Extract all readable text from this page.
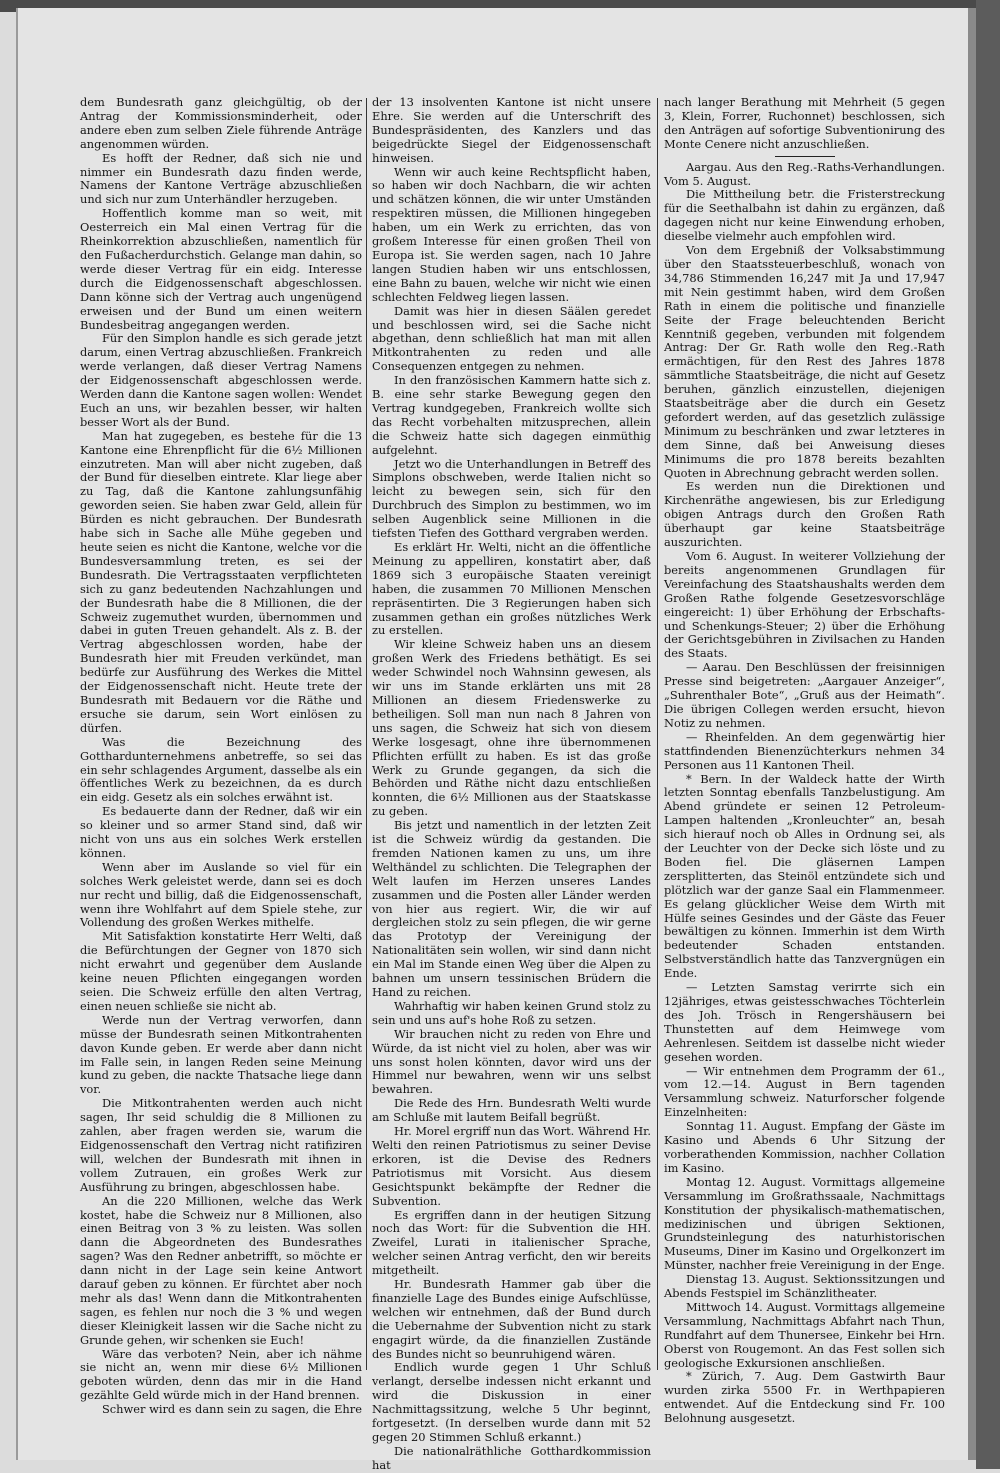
dem Bundesrath ganz gleichgültig, ob der Antrag der Kommissionsminderheit, oder andere eben zum selben Ziele führende Anträge angenommen würden.

Es hofft der Redner, daß sich nie und nimmer ein Bundesrath dazu finden werde, Namens der Kantone Verträge abzuschließen und sich nur zum Unterhändler herzugeben.

Hoffentlich komme man so weit, mit Oesterreich ein Mal einen Vertrag für die Rheinkorrektion abzuschließen, namentlich für den Fußacherdurchstich. Gelange man dahin, so werde dieser Vertrag für ein eidg. Interesse durch die Eidgenossenschaft abgeschlossen. Dann könne sich der Vertrag auch ungenügend erweisen und der Bund um einen weitern Bundesbeitrag angegangen werden.

Für den Simplon handle es sich gerade jetzt darum, einen Vertrag abzuschließen. Frankreich werde verlangen, daß dieser Vertrag Namens der Eidgenossenschaft abgeschlossen werde. Werden dann die Kantone sagen wollen: Wendet Euch an uns, wir bezahlen besser, wir halten besser Wort als der Bund.

Man hat zugegeben, es bestehe für die 13 Kantone eine Ehrenpflicht für die 6½ Millionen einzutreten. Man will aber nicht zugeben, daß der Bund für dieselben eintrete. Klar liege aber zu Tag, daß die Kantone zahlungsunfähig geworden seien. Sie haben zwar Geld, allein für Bürden es nicht gebrauchen. Der Bundesrath habe sich in Sache alle Mühe gegeben und heute seien es nicht die Kantone, welche vor die Bundesversammlung treten, es sei der Bundesrath. Die Vertragsstaaten verpflichteten sich zu ganz bedeutenden Nachzahlungen und der Bundesrath habe die 8 Millionen, die der Schweiz zugemuthet wurden, übernommen und dabei in guten Treuen gehandelt. Als z. B. der Vertrag abgeschlossen worden, habe der Bundesrath hier mit Freuden verkündet, man bedürfe zur Ausführung des Werkes die Mittel der Eidgenossenschaft nicht. Heute trete der Bundesrath mit Bedauern vor die Räthe und ersuche sie darum, sein Wort einlösen zu dürfen.

Was die Bezeichnung des Gotthardunternehmens anbetreffe, so sei das ein sehr schlagendes Argument, dasselbe als ein öffentliches Werk zu bezeichnen, da es durch ein eidg. Gesetz als ein solches erwähnt ist.

Es bedauerte dann der Redner, daß wir ein so kleiner und so armer Stand sind, daß wir nicht von uns aus ein solches Werk erstellen können.

Wenn aber im Auslande so viel für ein solches Werk geleistet werde, dann sei es doch nur recht und billig, daß die Eidgenossenschaft, wenn ihre Wohlfahrt auf dem Spiele stehe, zur Vollendung des großen Werkes mithelfe.

Mit Satisfaktion konstatirte Herr Welti, daß die Befürchtungen der Gegner von 1870 sich nicht erwahrt und gegenüber dem Auslande keine neuen Pflichten eingegangen worden seien. Die Schweiz erfülle den alten Vertrag, einen neuen schließe sie nicht ab.

Werde nun der Vertrag verworfen, dann müsse der Bundesrath seinen Mitkontrahenten davon Kunde geben. Er werde aber dann nicht im Falle sein, in langen Reden seine Meinung kund zu geben, die nackte Thatsache liege dann vor.

Die Mitkontrahenten werden auch nicht sagen, Ihr seid schuldig die 8 Millionen zu zahlen, aber fragen werden sie, warum die Eidgenossenschaft den Vertrag nicht ratifiziren will, welchen der Bundesrath mit ihnen in vollem Zutrauen, ein großes Werk zur Ausführung zu bringen, abgeschlossen habe.

An die 220 Millionen, welche das Werk kostet, habe die Schweiz nur 8 Millionen, also einen Beitrag von 3 % zu leisten. Was sollen dann die Abgeordneten des Bundesrathes sagen? Was den Redner anbetrifft, so möchte er dann nicht in der Lage sein keine Antwort darauf geben zu können. Er fürchtet aber noch mehr als das! Wenn dann die Mitkontrahenten sagen, es fehlen nur noch die 3 % und wegen dieser Kleinigkeit lassen wir die Sache nicht zu Grunde gehen, wir schenken sie Euch!

Wäre das verboten? Nein, aber ich nähme sie nicht an, wenn mir diese 6½ Millionen geboten würden, denn das mir in die Hand gezählte Geld würde mich in der Hand brennen.

Schwer wird es dann sein zu sagen, die Ehre

der 13 insolventen Kantone ist nicht unsere Ehre. Sie werden auf die Unterschrift des Bundespräsidenten, des Kanzlers und das beigedrückte Siegel der Eidgenossenschaft hinweisen.

Wenn wir auch keine Rechtspflicht haben, so haben wir doch Nachbarn, die wir achten und schätzen können, die wir unter Umständen respektiren müssen, die Millionen hingegeben haben, um ein Werk zu errichten, das von großem Interesse für einen großen Theil von Europa ist. Sie werden sagen, nach 10 Jahre langen Studien haben wir uns entschlossen, eine Bahn zu bauen, welche wir nicht wie einen schlechten Feldweg liegen lassen.

Damit was hier in diesen Säälen geredet und beschlossen wird, sei die Sache nicht abgethan, denn schließlich hat man mit allen Mitkontrahenten zu reden und alle Consequenzen entgegen zu nehmen.

In den französischen Kammern hatte sich z. B. eine sehr starke Bewegung gegen den Vertrag kundgegeben, Frankreich wollte sich das Recht vorbehalten mitzusprechen, allein die Schweiz hatte sich dagegen einmüthig aufgelehnt.

Jetzt wo die Unterhandlungen in Betreff des Simplons obschweben, werde Italien nicht so leicht zu bewegen sein, sich für den Durchbruch des Simplon zu bestimmen, wo im selben Augenblick seine Millionen in die tiefsten Tiefen des Gotthard vergraben werden.

Es erklärt Hr. Welti, nicht an die öffentliche Meinung zu appelliren, konstatirt aber, daß 1869 sich 3 europäische Staaten vereinigt haben, die zusammen 70 Millionen Menschen repräsentirten. Die 3 Regierungen haben sich zusammen gethan ein großes nützliches Werk zu erstellen.

Wir kleine Schweiz haben uns an diesem großen Werk des Friedens bethätigt. Es sei weder Schwindel noch Wahnsinn gewesen, als wir uns im Stande erklärten uns mit 28 Millionen an diesem Friedenswerke zu betheiligen. Soll man nun nach 8 Jahren von uns sagen, die Schweiz hat sich von diesem Werke losgesagt, ohne ihre übernommenen Pflichten erfüllt zu haben. Es ist das große Werk zu Grunde gegangen, da sich die Behörden und Räthe nicht dazu entschließen konnten, die 6½ Millionen aus der Staatskasse zu geben.

Bis jetzt und namentlich in der letzten Zeit ist die Schweiz würdig da gestanden. Die fremden Nationen kamen zu uns, um ihre Welthändel zu schlichten. Die Telegraphen der Welt laufen im Herzen unseres Landes zusammen und die Posten aller Länder werden von hier aus regiert. Wir, die wir auf dergleichen stolz zu sein pflegen, die wir gerne das Prototyp der Vereinigung der Nationalitäten sein wollen, wir sind dann nicht ein Mal im Stande einen Weg über die Alpen zu bahnen um unsern tessinischen Brüdern die Hand zu reichen.

Wahrhaftig wir haben keinen Grund stolz zu sein und uns auf's hohe Roß zu setzen.

Wir brauchen nicht zu reden von Ehre und Würde, da ist nicht viel zu holen, aber was wir uns sonst holen könnten, davor wird uns der Himmel nur bewahren, wenn wir uns selbst bewahren.

Die Rede des Hrn. Bundesrath Welti wurde am Schluße mit lautem Beifall begrüßt.

Hr. Morel ergriff nun das Wort. Während Hr. Welti den reinen Patriotismus zu seiner Devise erkoren, ist die Devise des Redners Patriotismus mit Vorsicht. Aus diesem Gesichtspunkt bekämpfte der Redner die Subvention.

Es ergriffen dann in der heutigen Sitzung noch das Wort: für die Subvention die HH. Zweifel, Lurati in italienischer Sprache, welcher seinen Antrag verficht, den wir bereits mitgetheilt.

Hr. Bundesrath Hammer gab über die finanzielle Lage des Bundes einige Aufschlüsse, welchen wir entnehmen, daß der Bund durch die Uebernahme der Subvention nicht zu stark engagirt würde, da die finanziellen Zustände des Bundes nicht so beunruhigend wären.

Endlich wurde gegen 1 Uhr Schluß verlangt, derselbe indessen nicht erkannt und wird die Diskussion in einer Nachmittagssitzung, welche 5 Uhr beginnt, fortgesetzt. (In derselben wurde dann mit 52 gegen 20 Stimmen Schluß erkannt.)

Die nationalräthliche Gotthardkommission hat

nach langer Berathung mit Mehrheit (5 gegen 3, Klein, Forrer, Ruchonnet) beschlossen, sich den Anträgen auf sofortige Subventionirung des Monte Cenere nicht anzuschließen.

Aargau. Aus den Reg.-Raths-Verhandlungen. Vom 5. August.

Die Mittheilung betr. die Fristerstreckung für die Seethalbahn ist dahin zu ergänzen, daß dagegen nicht nur keine Einwendung erhoben, dieselbe vielmehr auch empfohlen wird.

Von dem Ergebniß der Volksabstimmung über den Staatssteuerbeschluß, wonach von 34,786 Stimmenden 16,247 mit Ja und 17,947 mit Nein gestimmt haben, wird dem Großen Rath in einem die politische und finanzielle Seite der Frage beleuchtenden Bericht Kenntniß gegeben, verbunden mit folgendem Antrag: Der Gr. Rath wolle den Reg.-Rath ermächtigen, für den Rest des Jahres 1878 sämmtliche Staatsbeiträge, die nicht auf Gesetz beruhen, gänzlich einzustellen, diejenigen Staatsbeiträge aber die durch ein Gesetz gefordert werden, auf das gesetzlich zulässige Minimum zu beschränken und zwar letzteres in dem Sinne, daß bei Anweisung dieses Minimums die pro 1878 bereits bezahlten Quoten in Abrechnung gebracht werden sollen.

Es werden nun die Direktionen und Kirchenräthe angewiesen, bis zur Erledigung obigen Antrags durch den Großen Rath überhaupt gar keine Staatsbeiträge auszurichten.

Vom 6. August. In weiterer Vollziehung der bereits angenommenen Grundlagen für Vereinfachung des Staatshaushalts werden dem Großen Rathe folgende Gesetzesvorschläge eingereicht: 1) über Erhöhung der Erbschafts- und Schenkungs-Steuer; 2) über die Erhöhung der Gerichtsgebühren in Zivilsachen zu Handen des Staats.

— Aarau. Den Beschlüssen der freisinnigen Presse sind beigetreten: „Aargauer Anzeiger“, „Suhrenthaler Bote“, „Gruß aus der Heimath“. Die übrigen Collegen werden ersucht, hievon Notiz zu nehmen.

— Rheinfelden. An dem gegenwärtig hier stattfindenden Bienenzüchterkurs nehmen 34 Personen aus 11 Kantonen Theil.

* Bern. In der Waldeck hatte der Wirth letzten Sonntag ebenfalls Tanzbelustigung. Am Abend gründete er seinen 12 Petroleum-Lampen haltenden „Kronleuchter“ an, besah sich hierauf noch ob Alles in Ordnung sei, als der Leuchter von der Decke sich löste und zu Boden fiel. Die gläsernen Lampen zersplitterten, das Steinöl entzündete sich und plötzlich war der ganze Saal ein Flammenmeer. Es gelang glücklicher Weise dem Wirth mit Hülfe seines Gesindes und der Gäste das Feuer bewältigen zu können. Immerhin ist dem Wirth bedeutender Schaden entstanden. Selbstverständlich hatte das Tanzvergnügen ein Ende.

— Letzten Samstag verirrte sich ein 12jähriges, etwas geistesschwaches Töchterlein des Joh. Trösch in Rengershäusern bei Thunstetten auf dem Heimwege vom Aehrenlesen. Seitdem ist dasselbe nicht wieder gesehen worden.

— Wir entnehmen dem Programm der 61., vom 12.—14. August in Bern tagenden Versammlung schweiz. Naturforscher folgende Einzelnheiten:

Sonntag 11. August. Empfang der Gäste im Kasino und Abends 6 Uhr Sitzung der vorberathenden Kommission, nachher Collation im Kasino.

Montag 12. August. Vormittags allgemeine Versammlung im Großrathssaale, Nachmittags Konstitution der physikalisch-mathematischen, medizinischen und übrigen Sektionen, Grundsteinlegung des naturhistorischen Museums, Diner im Kasino und Orgelkonzert im Münster, nachher freie Vereinigung in der Enge.

Dienstag 13. August. Sektionssitzungen und Abends Festspiel im Schänzlitheater.

Mittwoch 14. August. Vormittags allgemeine Versammlung, Nachmittags Abfahrt nach Thun, Rundfahrt auf dem Thunersee, Einkehr bei Hrn. Oberst von Rougemont. An das Fest sollen sich geologische Exkursionen anschließen.

* Zürich, 7. Aug. Dem Gastwirth Baur wurden zirka 5500 Fr. in Werthpapieren entwendet. Auf die Entdeckung sind Fr. 100 Belohnung ausgesetzt.
